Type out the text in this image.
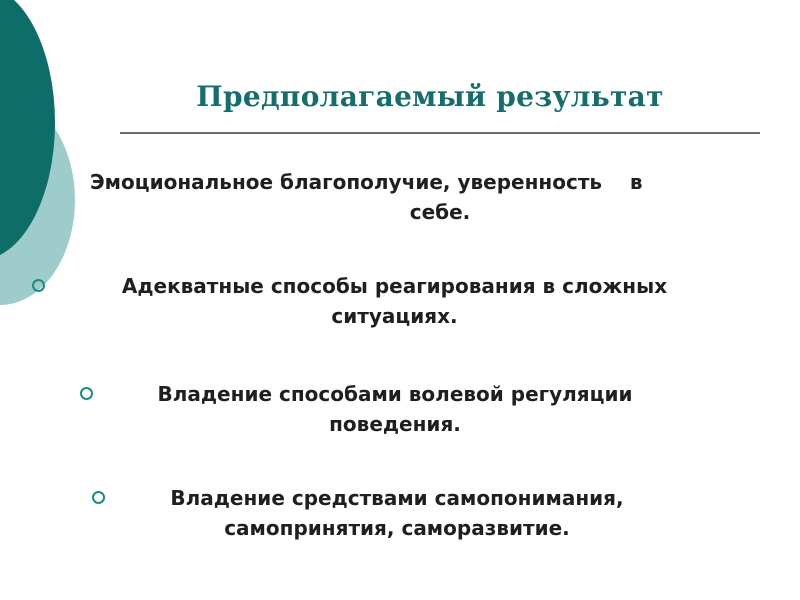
Предполагаемый результат
Эмоциональное благополучие, уверенность    в
себе.
Адекватные способы реагирования в сложных
ситуациях.
Владение способами волевой регуляции
поведения.
Владение средствами самопонимания,
самопринятия, саморазвитие.
